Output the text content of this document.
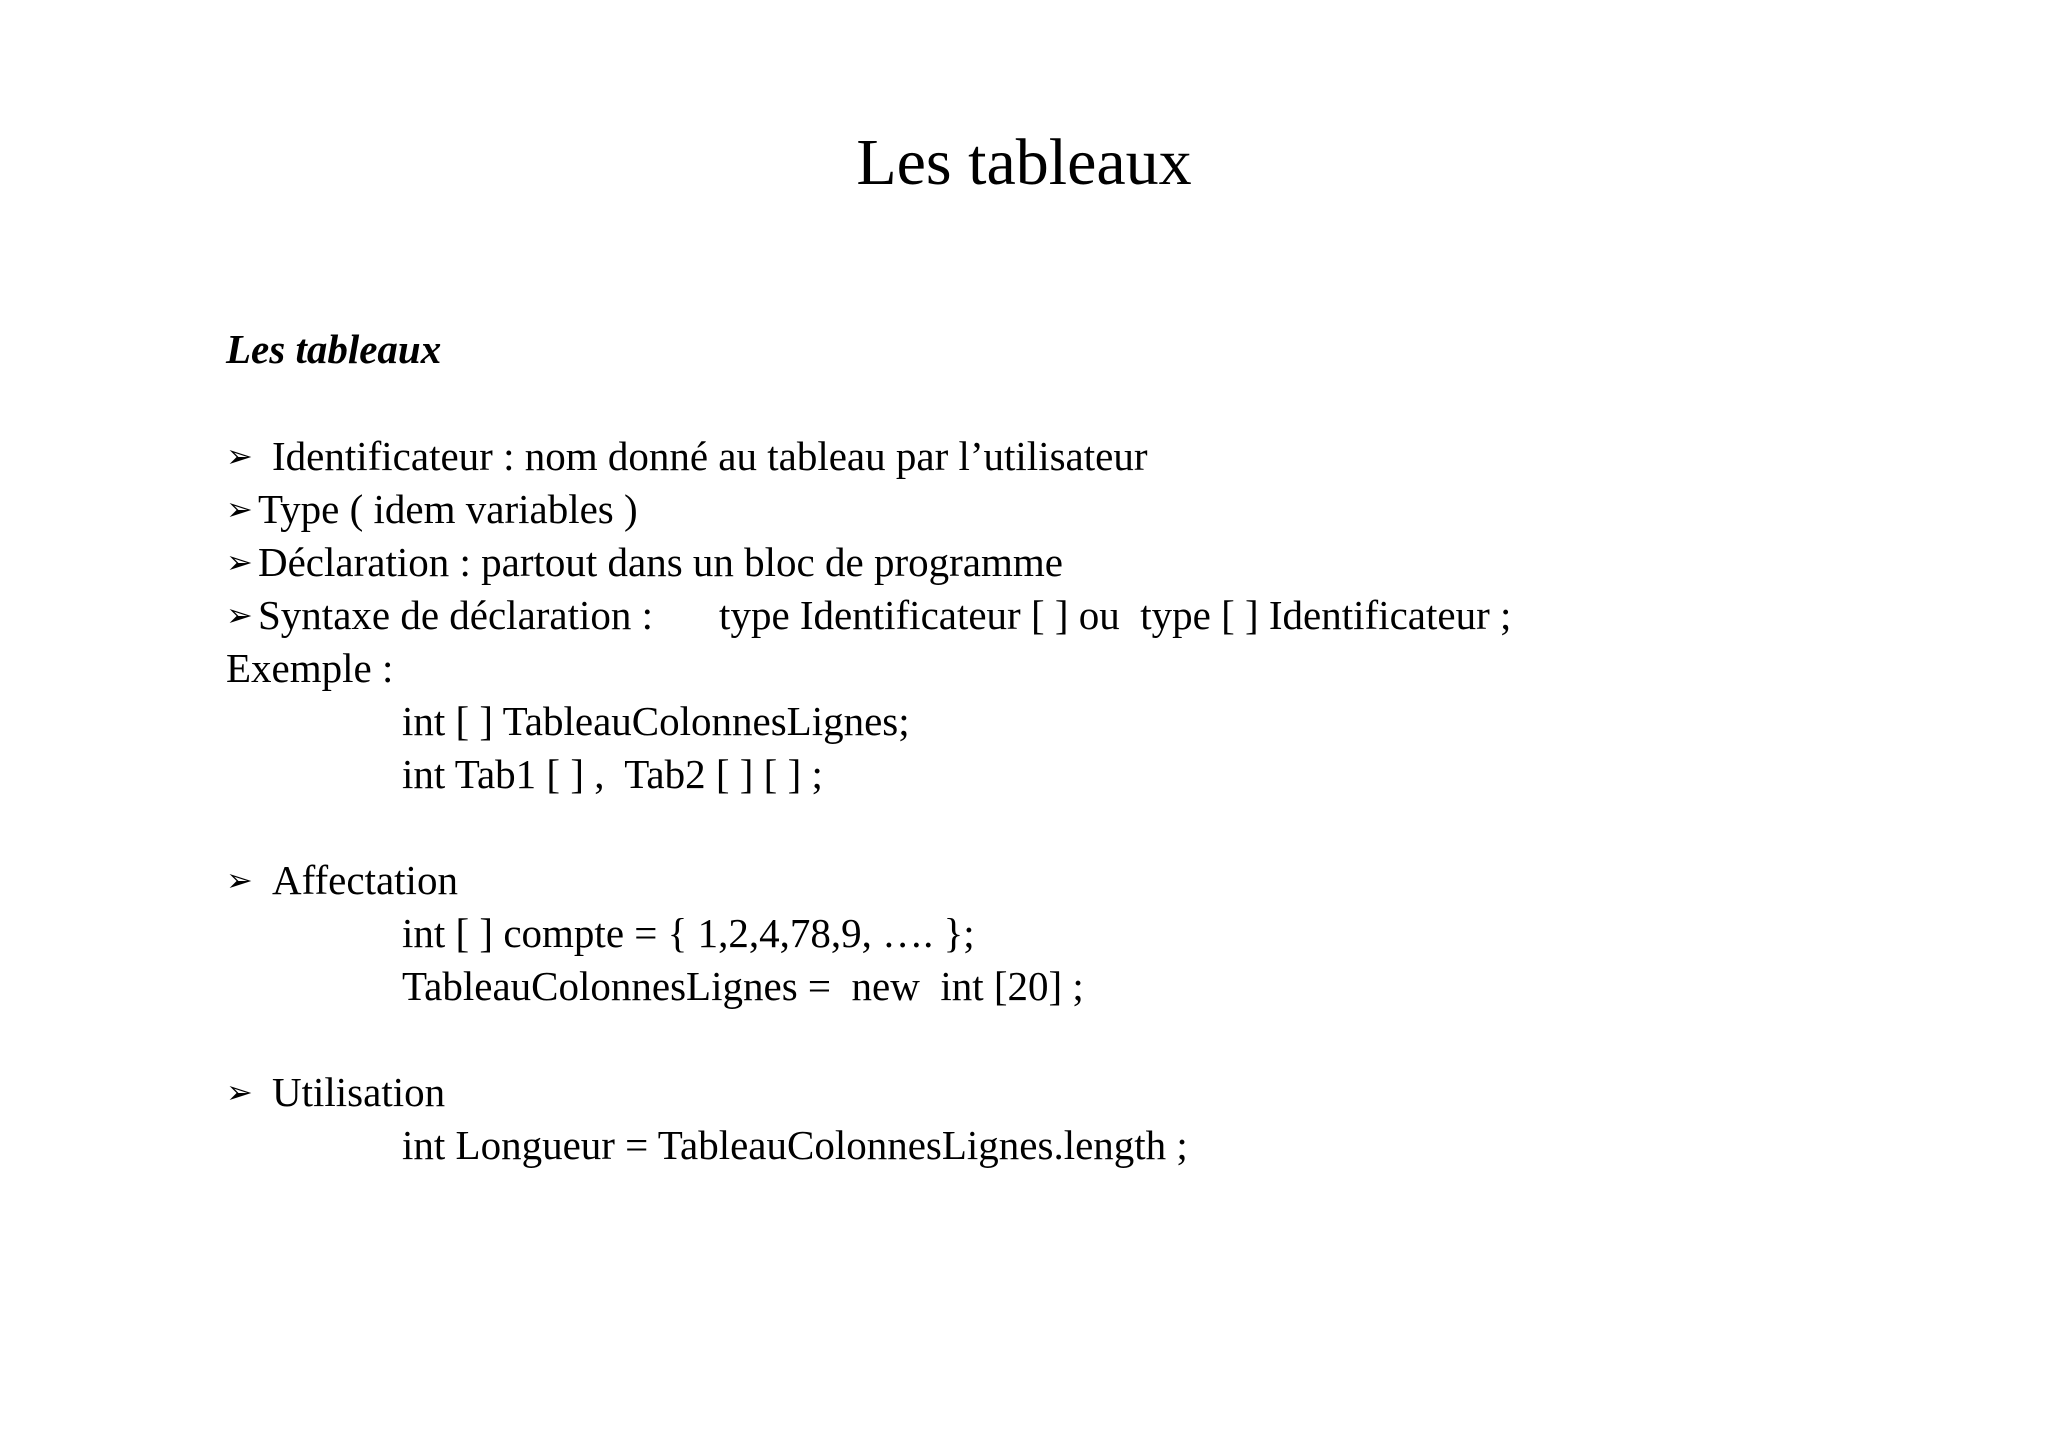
Les tableaux
Les tableaux
➢ Identificateur : nom donné au tableau par l’utilisateur
➢ Type ( idem variables )
➢ Déclaration : partout dans un bloc de programme
➢ Syntaxe de déclaration : type Identificateur [ ] ou  type [ ] Identificateur ;
Exemple :
int [ ] TableauColonnesLignes;
int Tab1 [ ] ,  Tab2 [ ] [ ] ;
➢ Affectation
int [ ] compte = { 1,2,4,78,9, …. };
TableauColonnesLignes =  new  int [20] ;
➢ Utilisation
int Longueur = TableauColonnesLignes.length ;
